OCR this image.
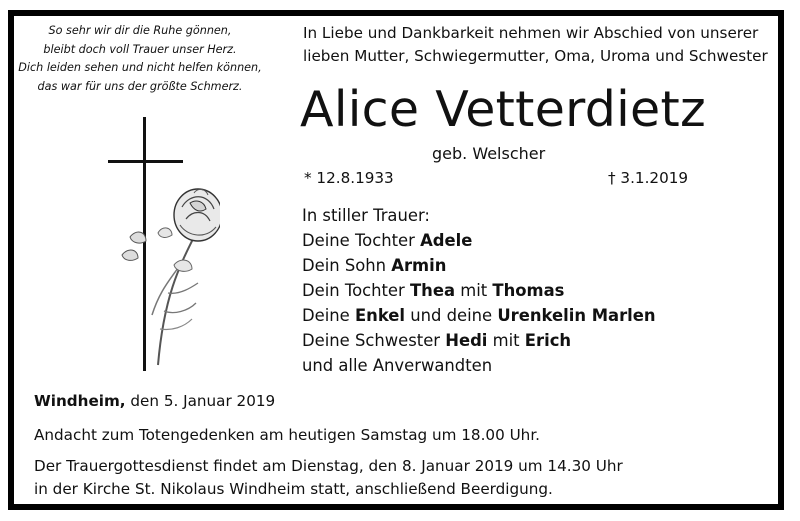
So sehr wir dir die Ruhe gönnen,
bleibt doch voll Trauer unser Herz.
Dich leiden sehen und nicht helfen können,
das war für uns der größte Schmerz.
In Liebe und Dankbarkeit nehmen wir Abschied von unserer
lieben Mutter, Schwiegermutter, Oma, Uroma und Schwester
Alice Vetterdietz
geb. Welscher
* 12.8.1933	† 3.1.2019
In stiller Trauer:
Deine Tochter Adele
Dein Sohn Armin
Dein Tochter Thea mit Thomas
Deine Enkel und deine Urenkelin Marlen
Deine Schwester Hedi mit Erich
und alle Anverwandten
Windheim, den 5. Januar 2019
Andacht zum Totengedenken am heutigen Samstag um 18.00 Uhr.
Der Trauergottesdienst findet am Dienstag, den 8. Januar 2019 um 14.30 Uhr
in der Kirche St. Nikolaus Windheim statt, anschließend Beerdigung.
